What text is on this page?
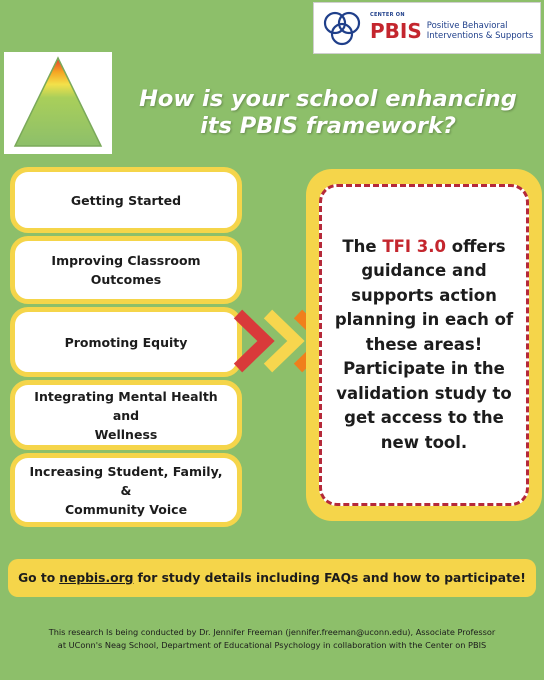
CENTER ON
PBIS Positive Behavioral
Interventions & Supports
How is your school enhancing
its PBIS framework?
Getting Started
Improving Classroom
Outcomes
Promoting Equity
Integrating Mental Health and
Wellness
Increasing Student, Family, &
Community Voice

The TFI 3.0 offers guidance and supports action planning in each of these areas! Participate in the validation study to get access to the new tool.

Go to nepbis.org for study details including FAQs and how to participate!
This research Is being conducted by Dr. Jennifer Freeman (jennifer.freeman@uconn.edu), Associate Professor
at UConn's Neag School, Department of Educational Psychology in collaboration with the Center on PBIS
